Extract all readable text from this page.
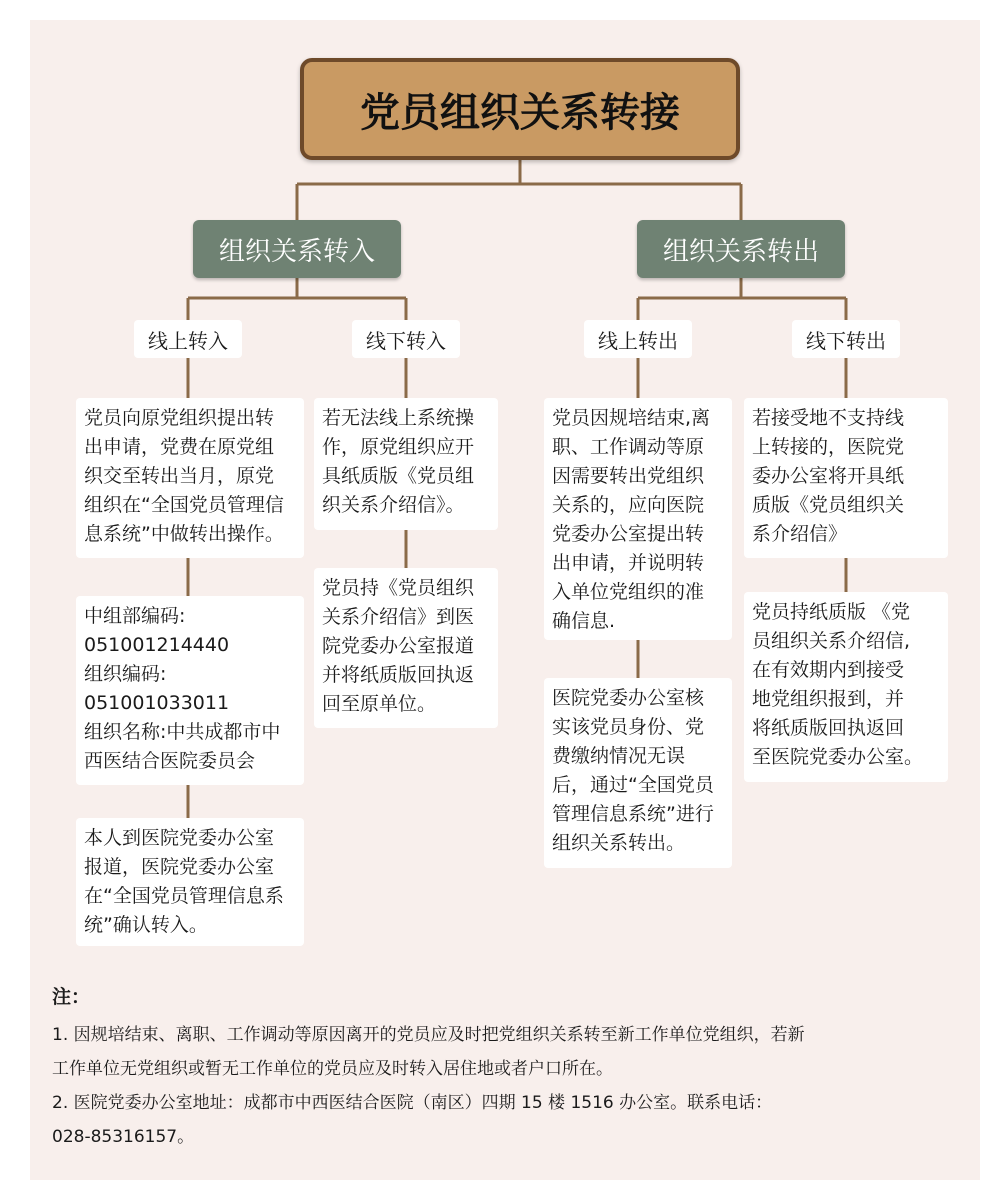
党员组织关系转接
组织关系转入	组织关系转出
线上转入	线下转入	线上转出	线下转出
党员向原党组织提出转
出申请，党费在原党组
织交至转出当月，原党
组织在“全国党员管理信
息系统”中做转出操作。
中组部编码:
051001214440
组织编码:
051001033011
组织名称:中共成都市中
西医结合医院委员会
本人到医院党委办公室
报道，医院党委办公室
在“全国党员管理信息系
统”确认转入。
若无法线上系统操
作，原党组织应开
具纸质版《党员组
织关系介绍信》。
党员持《党员组织
关系介绍信》到医
院党委办公室报道
并将纸质版回执返
回至原单位。
党员因规培结束,离
职、工作调动等原
因需要转出党组织
关系的，应向医院
党委办公室提出转
出申请，并说明转
入单位党组织的准
确信息.
医院党委办公室核
实该党员身份、党
费缴纳情况无误
后，通过“全国党员
管理信息系统”进行
组织关系转出。
若接受地不支持线
上转接的，医院党
委办公室将开具纸
质版《党员组织关
系介绍信》
党员持纸质版 《党
员组织关系介绍信,
在有效期内到接受
地党组织报到，并
将纸质版回执返回
至医院党委办公室。
注：
1. 因规培结束、离职、工作调动等原因离开的党员应及时把党组织关系转至新工作单位党组织，若新
工作单位无党组织或暂无工作单位的党员应及时转入居住地或者户口所在。
2. 医院党委办公室地址：成都市中西医结合医院（南区）四期 15 楼 1516 办公室。联系电话：
028-85316157。
